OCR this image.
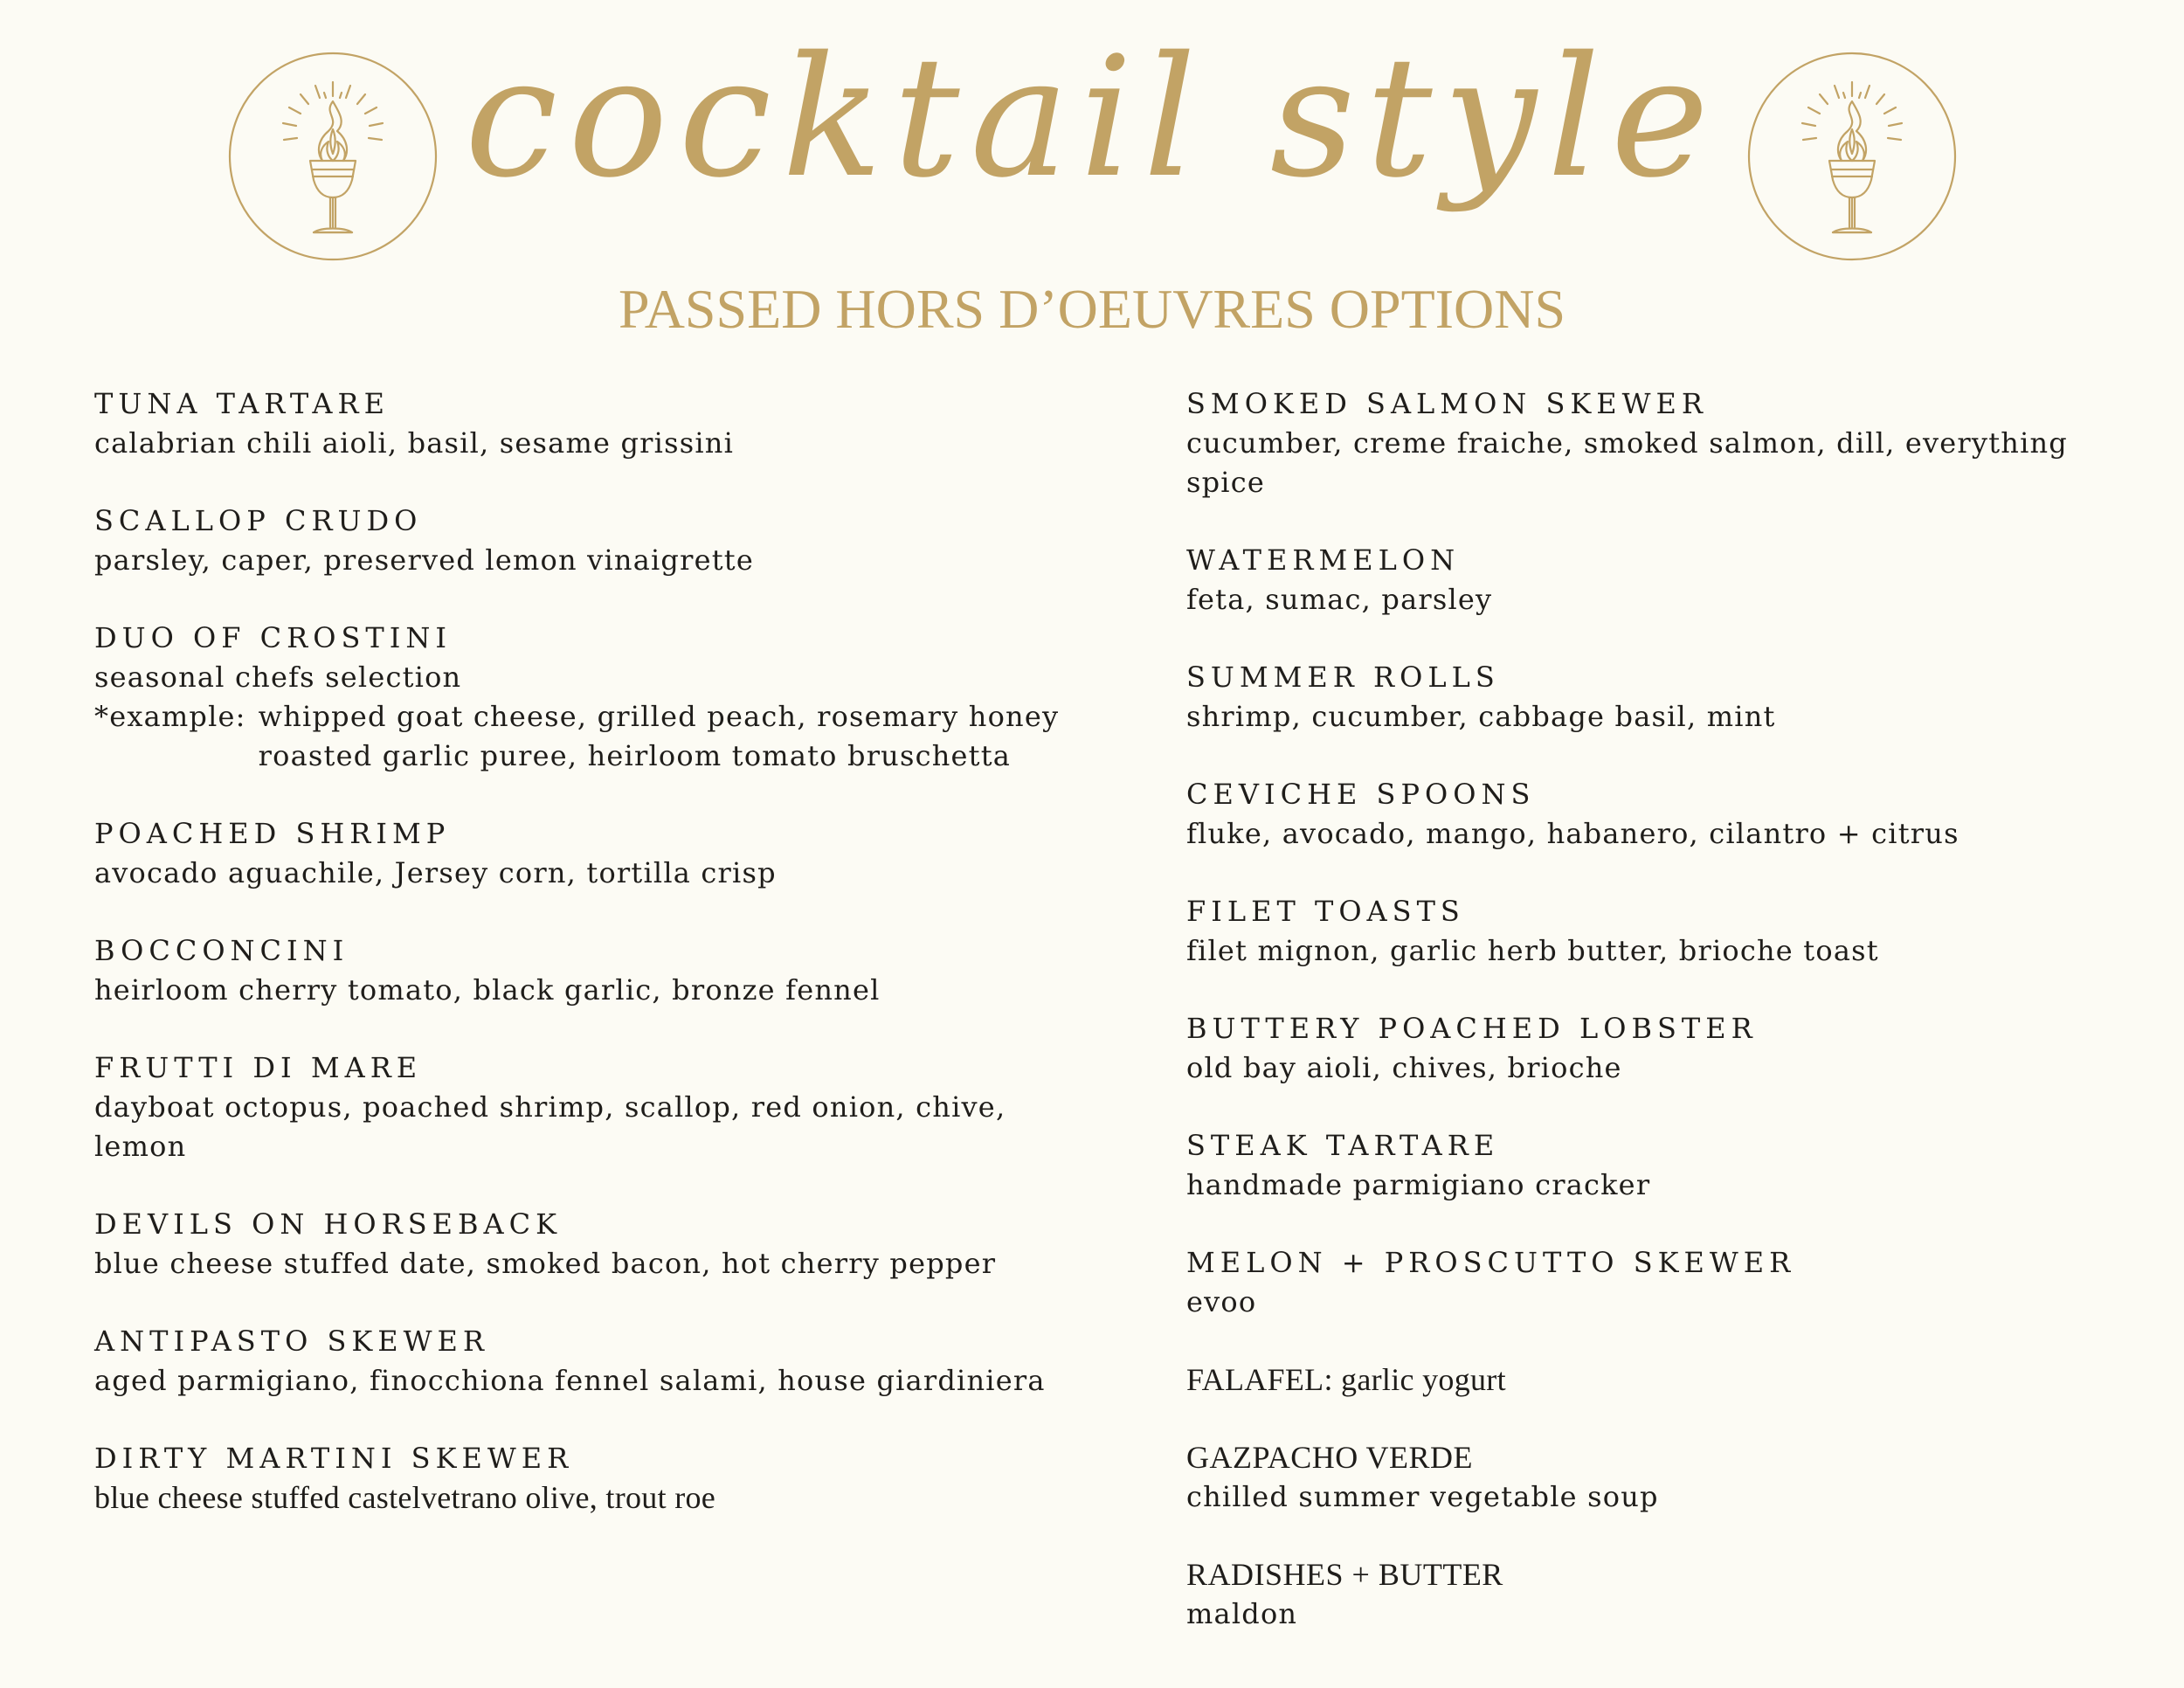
cocktail style
PASSED HORS D’OEUVRES OPTIONS
TUNA TARTARE
calabrian chili aioli, basil, sesame grissini
SCALLOP CRUDO
parsley, caper, preserved lemon vinaigrette
DUO OF CROSTINI
seasonal chefs selection
*example: whipped goat cheese, grilled peach, rosemary honey
roasted garlic puree, heirloom tomato bruschetta
POACHED SHRIMP
avocado aguachile, Jersey corn, tortilla crisp
BOCCONCINI
heirloom cherry tomato, black garlic, bronze fennel
FRUTTI DI MARE
dayboat octopus, poached shrimp, scallop, red onion, chive, lemon
DEVILS ON HORSEBACK
blue cheese stuffed date, smoked bacon, hot cherry pepper
ANTIPASTO SKEWER
aged parmigiano, finocchiona fennel salami, house giardiniera
DIRTY MARTINI SKEWER
blue cheese stuffed castelvetrano olive, trout roe
SMOKED SALMON SKEWER
cucumber, creme fraiche, smoked salmon, dill, everything spice
WATERMELON
feta, sumac, parsley
SUMMER ROLLS
shrimp, cucumber, cabbage basil, mint
CEVICHE SPOONS
fluke, avocado, mango, habanero, cilantro + citrus
FILET TOASTS
filet mignon, garlic herb butter, brioche toast
BUTTERY POACHED LOBSTER
old bay aioli, chives, brioche
STEAK TARTARE
handmade parmigiano cracker
MELON + PROSCUTTO SKEWER
evoo
FALAFEL: garlic yogurt
GAZPACHO VERDE
chilled summer vegetable soup
RADISHES + BUTTER
maldon
